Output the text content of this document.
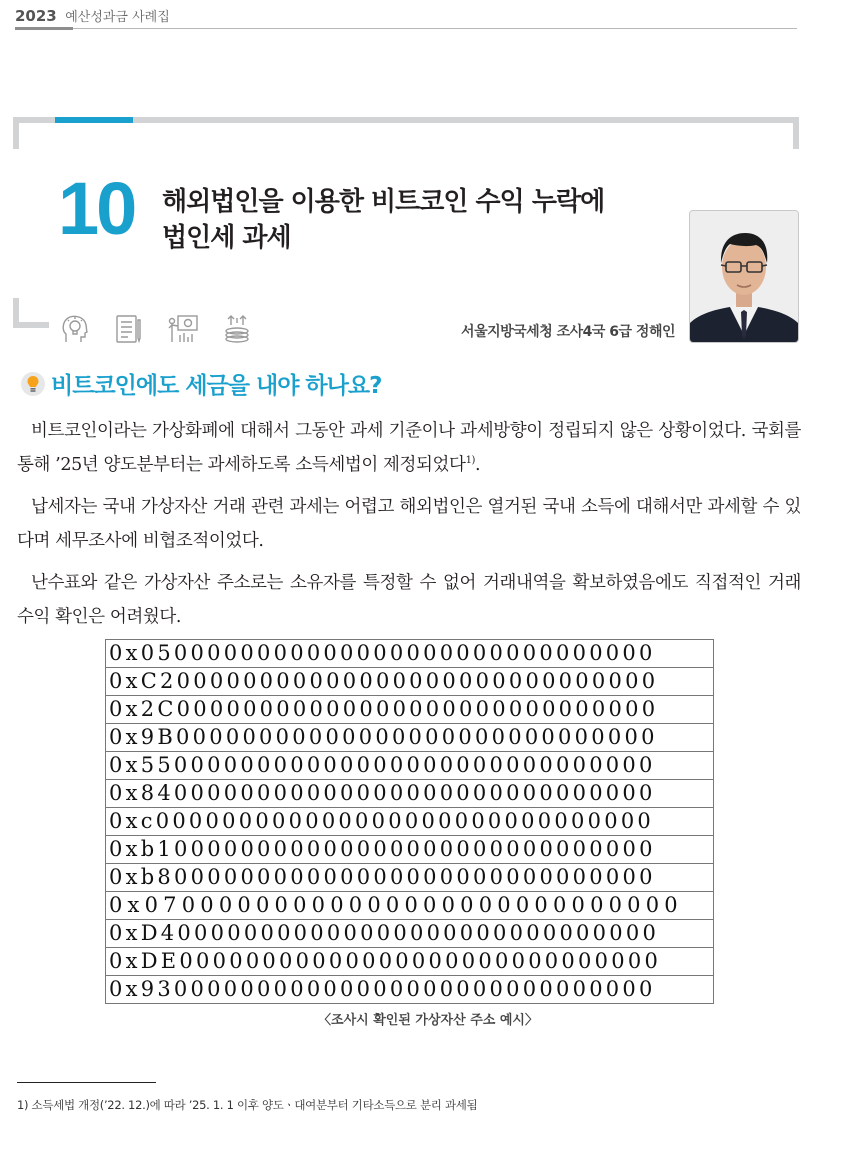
2023 예산성과금 사례집
10 해외법인을 이용한 비트코인 수익 누락에
법인세 과세
서울지방국세청 조사4국 6급 정해인
비트코인에도 세금을 내야 하나요?

비트코인이라는 가상화폐에 대해서 그동안 과세 기준이나 과세방향이 정립되지 않은 상황이었다. 국회를 통해 ’25년 양도분부터는 과세하도록 소득세법이 제정되었다$^{1)}$.

납세자는 국내 가상자산 거래 관련 과세는 어렵고 해외법인은 열거된 국내 소득에 대해서만 과세할 수 있다며 세무조사에 비협조적이었다.

난수표와 같은 가상자산 주소로는 소유자를 특정할 수 없어 거래내역을 확보하였음에도 직접적인 거래 수익 확인은 어려웠다.

0x0500000000000000000000000000000
0xC200000000000000000000000000000
0x2C00000000000000000000000000000
0x9B00000000000000000000000000000
0x5500000000000000000000000000000
0x8400000000000000000000000000000
0xc000000000000000000000000000000
0xb100000000000000000000000000000
0xb800000000000000000000000000000
0x07000000000000000000000000000
0xD400000000000000000000000000000
0xDE00000000000000000000000000000
0x9300000000000000000000000000000
〈조사시 확인된 가상자산 주소 예시〉
1) 소득세법 개정(’22. 12.)에 따라 ’25. 1. 1 이후 양도ㆍ대여분부터 기타소득으로 분리 과세됨
